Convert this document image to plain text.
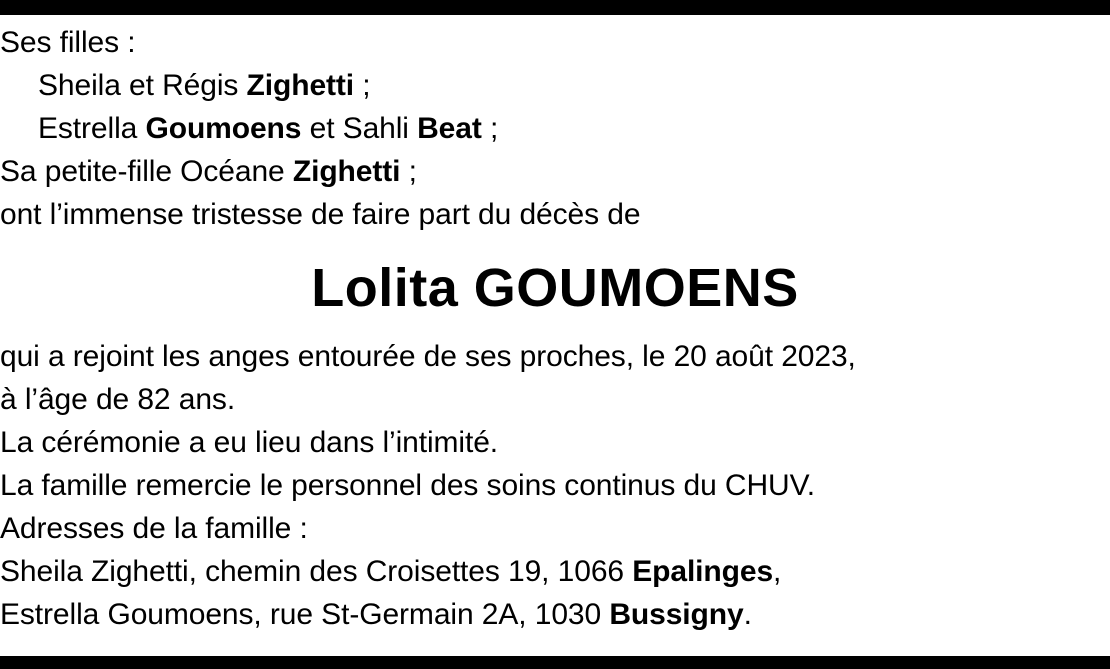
Ses filles :
Sheila et Régis Zighetti ;
Estrella Goumoens et Sahli Beat ;
Sa petite-fille Océane Zighetti ;
ont l’immense tristesse de faire part du décès de
Lolita GOUMOENS
qui a rejoint les anges entourée de ses proches, le 20 août 2023,
à l’âge de 82 ans.
La cérémonie a eu lieu dans l’intimité.
La famille remercie le personnel des soins continus du CHUV.
Adresses de la famille :
Sheila Zighetti, chemin des Croisettes 19, 1066 Epalinges,
Estrella Goumoens, rue St-Germain 2A, 1030 Bussigny.
